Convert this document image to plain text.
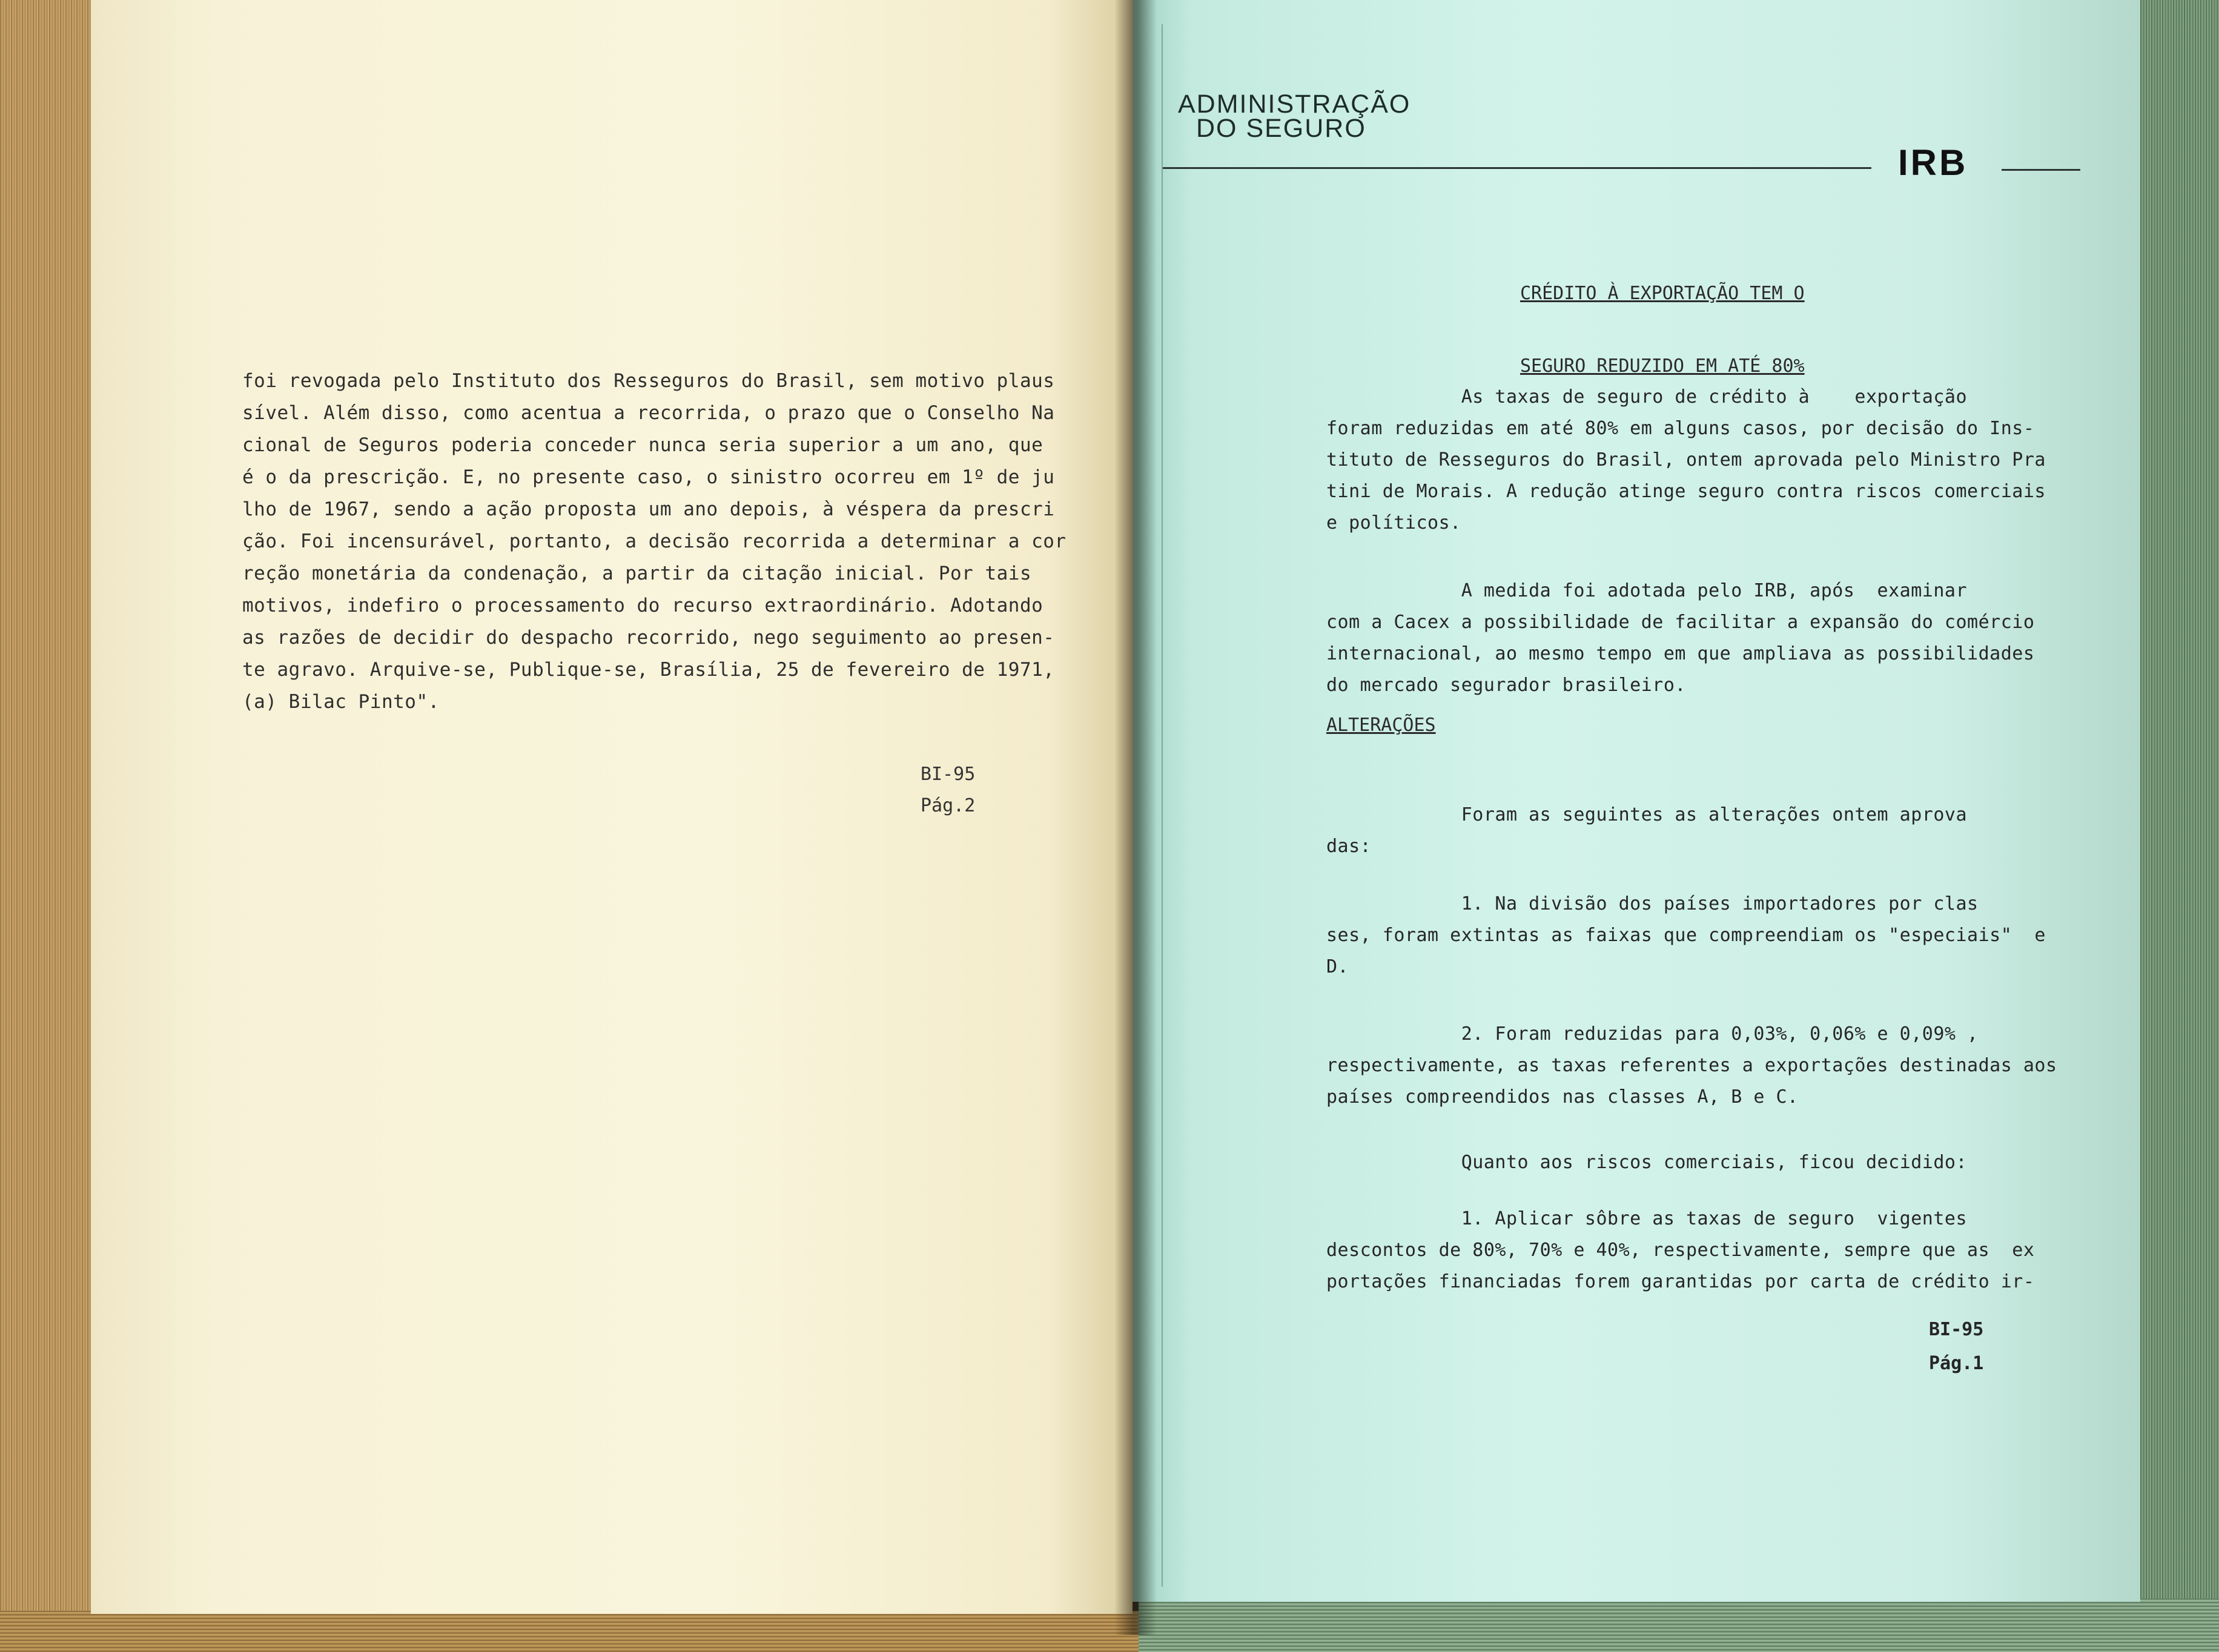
foi revogada pelo Instituto dos Resseguros do Brasil, sem motivo plaus
sível. Além disso, como acentua a recorrida, o prazo que o Conselho Na
cional de Seguros poderia conceder nunca seria superior a um ano, que
é o da prescrição. E, no presente caso, o sinistro ocorreu em 1º de ju
lho de 1967, sendo a ação proposta um ano depois, à véspera da prescri
ção. Foi incensurável, portanto, a decisão recorrida a determinar a cor
reção monetária da condenação, a partir da citação inicial. Por tais
motivos, indefiro o processamento do recurso extraordinário. Adotando
as razões de decidir do despacho recorrido, nego seguimento ao presen-
te agravo. Arquive-se, Publique-se, Brasília, 25 de fevereiro de 1971,
(a) Bilac Pinto".

BI-95
Pág.2
ADMINISTRAÇÃO
DO SEGURO
IRB

CRÉDITO À EXPORTAÇÃO TEM O

SEGURO REDUZIDO EM ATÉ 80%

As taxas de seguro de crédito à    exportação
foram reduzidas em até 80% em alguns casos, por decisão do Ins-
tituto de Resseguros do Brasil, ontem aprovada pelo Ministro Pra
tini de Morais. A redução atinge seguro contra riscos comerciais
e políticos.

A medida foi adotada pelo IRB, após  examinar
com a Cacex a possibilidade de facilitar a expansão do comércio
internacional, ao mesmo tempo em que ampliava as possibilidades
do mercado segurador brasileiro.

ALTERAÇÕES

Foram as seguintes as alterações ontem aprova
das:

1. Na divisão dos países importadores por clas
ses, foram extintas as faixas que compreendiam os "especiais"  e
D.

2. Foram reduzidas para 0,03%, 0,06% e 0,09% ,
respectivamente, as taxas referentes a exportações destinadas aos
países compreendidos nas classes A, B e C.

Quanto aos riscos comerciais, ficou decidido:

1. Aplicar sôbre as taxas de seguro  vigentes
descontos de 80%, 70% e 40%, respectivamente, sempre que as  ex
portações financiadas forem garantidas por carta de crédito ir-

BI-95
Pág.1
